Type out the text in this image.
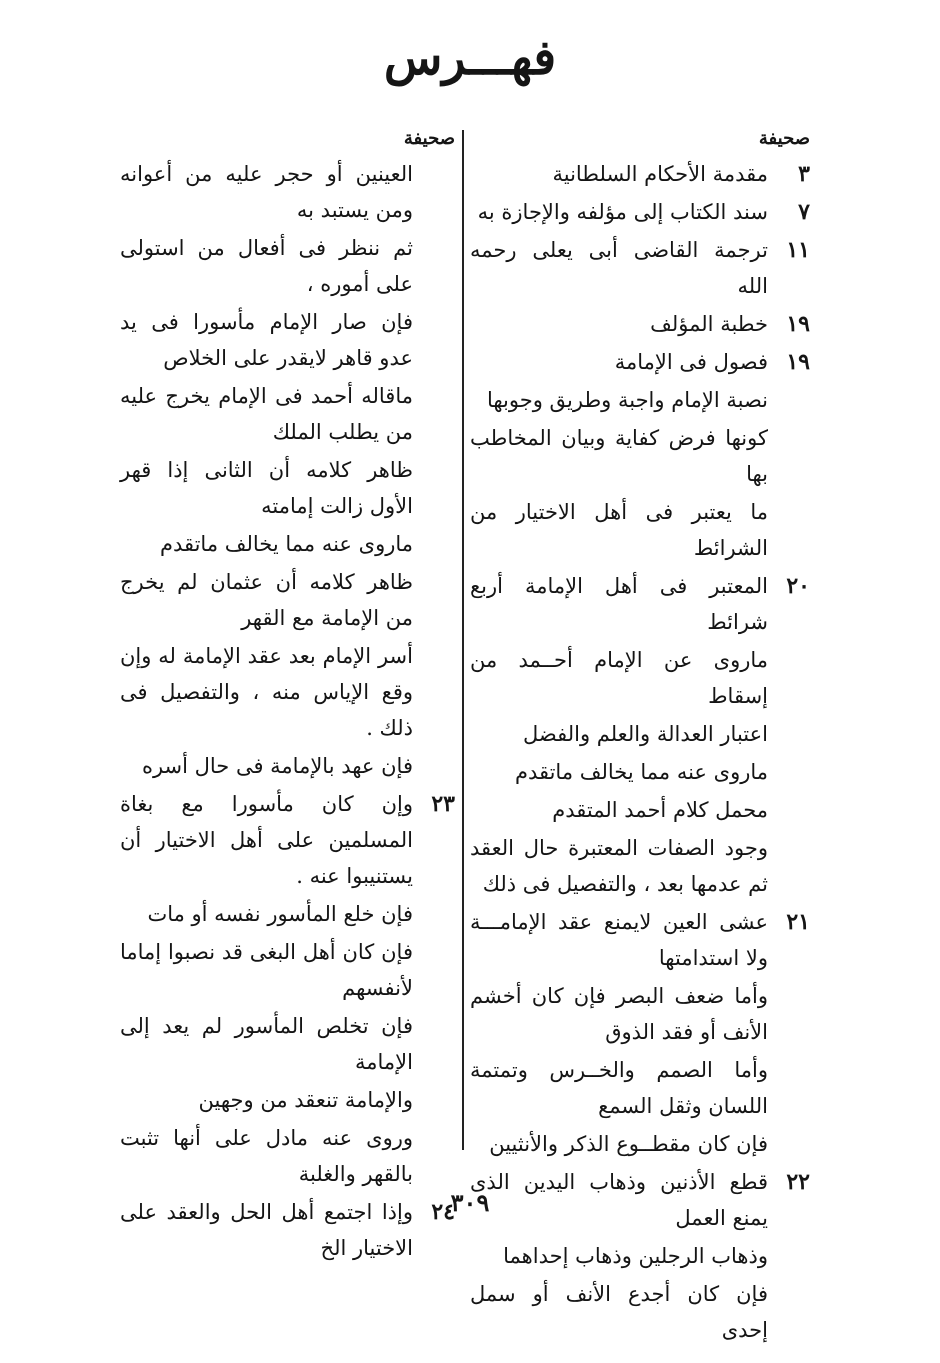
فهـــرس
صحيفة
٣
مقدمة الأحكام السلطانية
٧
سند الكتاب إلى مؤلفه والإجازة به
١١
ترجمة القاضى أبى يعلى رحمه الله
١٩
خطبة المؤلف
١٩
فصول فى الإمامة
نصبة الإمام واجبة وطريق وجوبها
كونها فرض كفاية وبيان المخاطب بها
ما يعتبر فى أهل الاختيار من الشرائط
٢٠
المعتبر فى أهل الإمامة أربع شرائط
ماروى عن الإمام أحــمد من إسقاط
اعتبار العدالة والعلم والفضل
ماروى عنه مما يخالف ماتقدم
محمل كلام أحمد المتقدم
وجود الصفات المعتبرة حال العقد ثم عدمها بعد ، والتفصيل فى ذلك
٢١
عشى العين لايمنع عقد الإمامـــة ولا استدامتها
وأما ضعف البصر فإن كان أخشم الأنف أو فقد الذوق
وأما الصمم والخــرس وتمتمة اللسان وثقل السمع
فإن كان مقطــوع الذكر والأنثيين
٢٢
قطع الأذنين وذهاب اليدين الذى يمنع العمل
وذهاب الرجلين وذهاب إحداهما
فإن كان أجدع الأنف أو سمل إحدى
صحيفة
العينين أو حجر عليه من أعوانه ومن يستبد به
ثم ننظر فى أفعال من استولى على أموره ،
فإن صار الإمام مأسورا فى يد عدو قاهر لايقدر على الخلاص
ماقاله أحمد فى الإمام يخرج عليه من يطلب الملك
ظاهر كلامه أن الثانى إذا قهر الأول زالت إمامته
ماروى عنه مما يخالف ماتقدم
ظاهر كلامه أن عثمان لم يخرج من الإمامة مع القهر
أسر الإمام بعد عقد الإمامة له وإن وقع الإياس منه ، والتفصيل فى ذلك .
فإن عهد بالإمامة فى حال أسره
٢٣
وإن كان مأسورا مع بغاة المسلمين على أهل الاختيار أن يستنيبوا عنه .
فإن خلع المأسور نفسه أو مات
فإن كان أهل البغى قد نصبوا إماما لأنفسهم
فإن تخلص المأسور لم يعد إلى الإمامة
والإمامة تنعقد من وجهين
وروى عنه مادل على أنها تثبت بالقهر والغلبة
٢٤
وإذا اجتمع أهل الحل والعقد على الاختيار الخ
٣٠٩
